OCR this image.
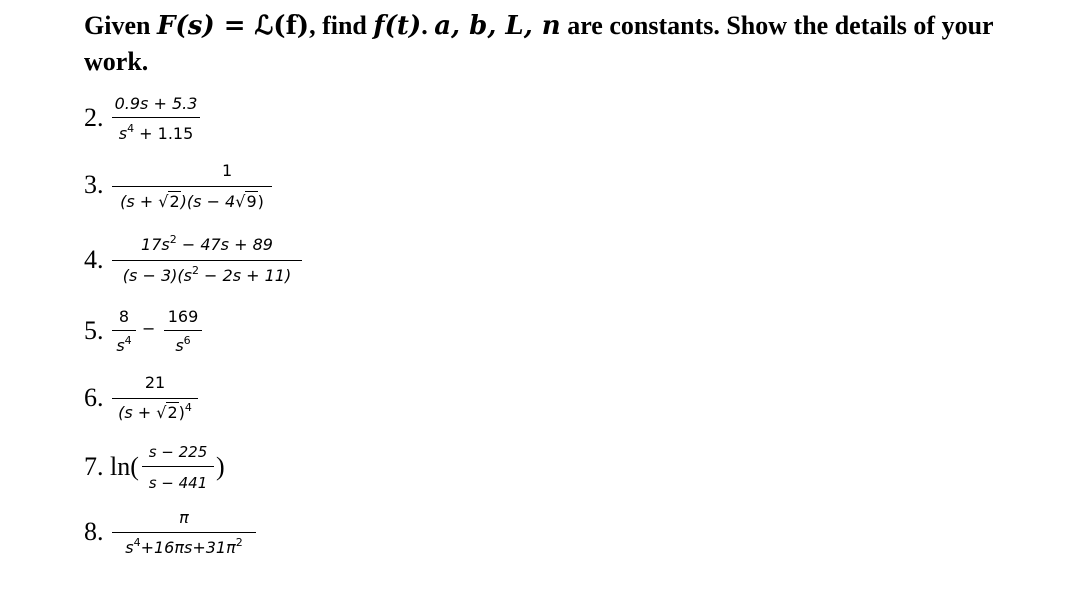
Given F(s) = ℒ(f), find f(t). a, b, L, n are constants. Show the details of your work.
2. 0.9s + 5.3
$s^4 + 1.15$
3.	1
(s + √2)(s − 4√9)
4.
$17s^2 - 47s + 89$
$(s - 3)(s^2 - 2s + 11)$
5. 8
$s^4$
−
169
$s^6$
6.
21
$(s + √2)^4$
7. ln( s − 225
s − 441
)
8.	π
$s^4+16\pi s+31\pi^2$
